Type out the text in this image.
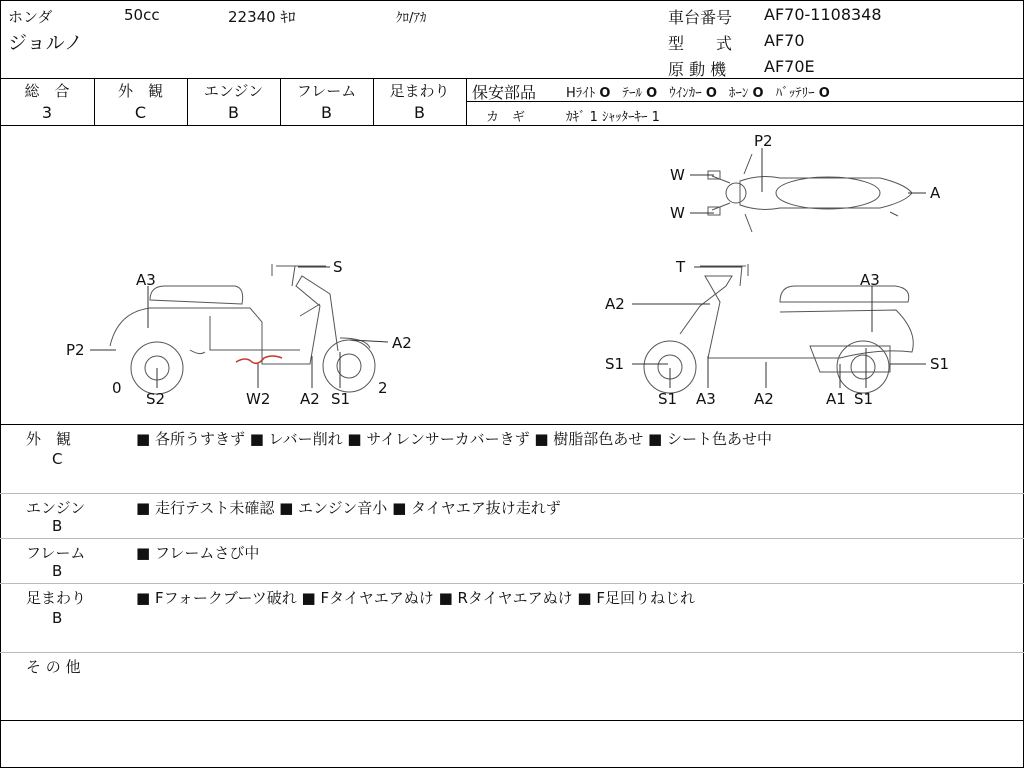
ホンダ	50cc	22340 ｷﾛ	ｸﾛ/ｱｶ
ジョルノ
車台番号 AF70-1108348
型　　式 AF70
原 動 機 AF70E
総　合
3
外　観
C
エンジン
B
フレーム
B
足まわり
B
保安部品 Hﾗｲﾄ O ﾃｰﾙ O ｳｲﾝｶｰ O ﾎｰﾝ O ﾊﾞｯﾃﾘｰ O
カ　ギ	ｶｷﾞ 1 ｼｬｯﾀｰｷｰ 1
P2
W
W
A
S
A3
P2	A2
0	2
S2	W2 A2 S1
T
A3
A2
S1	S1
S1 A3	A2	A1 S1
外　観
C
■ 各所うすきず ■ レバー削れ ■ サイレンサーカバーきず ■ 樹脂部色あせ ■ シート色あせ中
エンジン
B
■ 走行テスト未確認 ■ エンジン音小 ■ タイヤエア抜け走れず
フレーム
B
■ フレームさび中
足まわり
B
■ Fフォークブーツ破れ ■ Fタイヤエアぬけ ■ Rタイヤエアぬけ ■ F足回りねじれ
そ の 他
